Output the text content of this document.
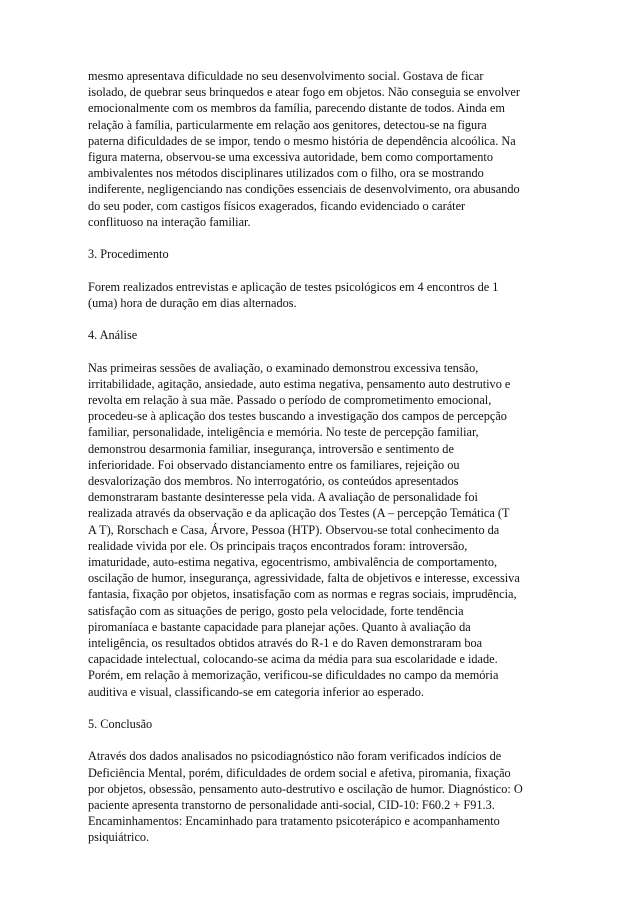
mesmo apresentava dificuldade no seu desenvolvimento social. Gostava de ficar
isolado, de quebrar seus brinquedos e atear fogo em objetos. Não conseguia se envolver
emocionalmente com os membros da família, parecendo distante de todos. Ainda em
relação à família, particularmente em relação aos genitores, detectou-se na figura
paterna dificuldades de se impor, tendo o mesmo história de dependência alcoólica. Na
figura materna, observou-se uma excessiva autoridade, bem como comportamento
ambivalentes nos métodos disciplinares utilizados com o filho, ora se mostrando
indiferente, negligenciando nas condições essenciais de desenvolvimento, ora abusando
do seu poder, com castigos físicos exagerados, ficando evidenciado o caráter
conflituoso na interação familiar.
3. Procedimento
Forem realizados entrevistas e aplicação de testes psicológicos em 4 encontros de 1
(uma) hora de duração em dias alternados.
4. Análise
Nas primeiras sessões de avaliação, o examinado demonstrou excessiva tensão,
irritabilidade, agitação, ansiedade, auto estima negativa, pensamento auto destrutivo e
revolta em relação à sua mãe. Passado o período de comprometimento emocional,
procedeu-se à aplicação dos testes buscando a investigação dos campos de percepção
familiar, personalidade, inteligência e memória. No teste de percepção familiar,
demonstrou desarmonia familiar, insegurança, introversão e sentimento de
inferioridade. Foi observado distanciamento entre os familiares, rejeição ou
desvalorização dos membros. No interrogatório, os conteúdos apresentados
demonstraram bastante desinteresse pela vida. A avaliação de personalidade foi
realizada através da observação e da aplicação dos Testes (A – percepção Temática (T
A T), Rorschach e Casa, Árvore, Pessoa (HTP). Observou-se total conhecimento da
realidade vivida por ele. Os principais traços encontrados foram: introversão,
imaturidade, auto-estima negativa, egocentrismo, ambivalência de comportamento,
oscilação de humor, insegurança, agressividade, falta de objetivos e interesse, excessiva
fantasia, fixação por objetos, insatisfação com as normas e regras sociais, imprudência,
satisfação com as situações de perigo, gosto pela velocidade, forte tendência
piromaníaca e bastante capacidade para planejar ações. Quanto à avaliação da
inteligência, os resultados obtidos através do R-1 e do Raven demonstraram boa
capacidade intelectual, colocando-se acima da média para sua escolaridade e idade.
Porém, em relação à memorização, verificou-se dificuldades no campo da memória
auditiva e visual, classificando-se em categoria inferior ao esperado.
5. Conclusão
Através dos dados analisados no psicodiagnóstico não foram verificados indícios de
Deficiência Mental, porém, dificuldades de ordem social e afetiva, piromania, fixação
por objetos, obsessão, pensamento auto-destrutivo e oscilação de humor. Diagnóstico: O
paciente apresenta transtorno de personalidade anti-social, CID-10: F60.2 + F91.3.
Encaminhamentos: Encaminhado para tratamento psicoterápico e acompanhamento
psiquiátrico.
